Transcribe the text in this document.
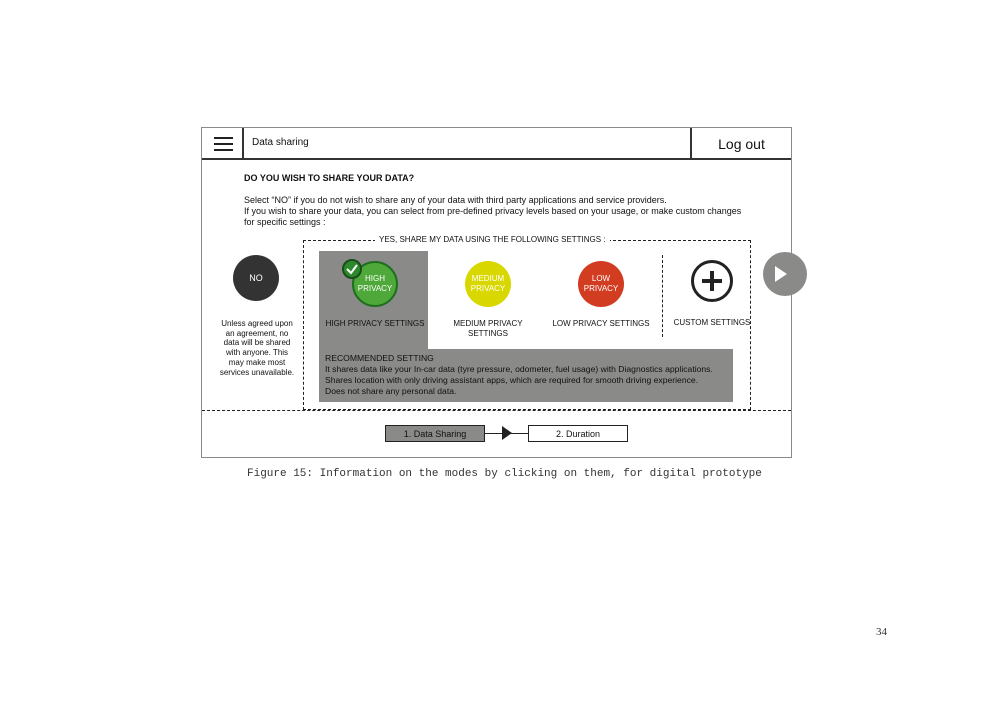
Data sharing	Log out
DO YOU WISH TO SHARE YOUR DATA?
Select “NO” if you do not wish to share any of your data with third party applications and service providers.
If you wish to share your data, you can select from pre-defined privacy levels based on your usage, or make custom changes for specific settings :
NO
Unless agreed upon an agreement, no data will be shared with anyone. This may make most services unavailable.
YES, SHARE MY DATA USING THE FOLLOWING SETTINGS :
RECOMMENDED SETTING
It shares data like your In-car data (tyre pressure, odometer, fuel usage) with Diagnostics applications.
Shares location with only driving assistant apps, which are required for smooth driving experience.
Does not share any personal data.
HIGH PRIVACY
HIGH PRIVACY SETTINGS
MEDIUM PRIVACY
MEDIUM PRIVACY SETTINGS
LOW PRIVACY
LOW PRIVACY SETTINGS	CUSTOM SETTINGS
1. Data Sharing	2. Duration
Figure 15: Information on the modes by clicking on them, for digital prototype
34
